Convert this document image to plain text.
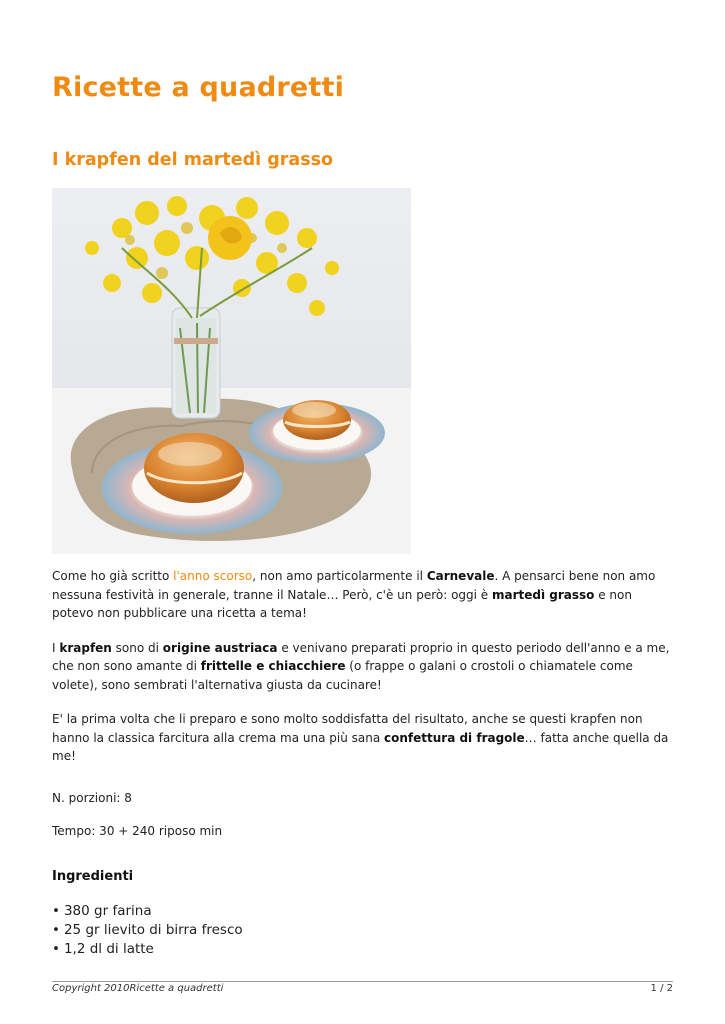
Ricette a quadretti
I krapfen del martedì grasso

Come ho già scritto l'anno scorso, non amo particolarmente il Carnevale. A pensarci bene non amo nessuna festività in generale, tranne il Natale… Però, c'è un però: oggi è martedì grasso e non potevo non pubblicare una ricetta a tema!

I krapfen sono di origine austriaca e venivano preparati proprio in questo periodo dell'anno e a me, che non sono amante di frittelle e chiacchiere (o frappe o galani o crostoli o chiamatele come volete), sono sembrati l'alternativa giusta da cucinare!

E' la prima volta che li preparo e sono molto soddisfatta del risultato, anche se questi krapfen non hanno la classica farcitura alla crema ma una più sana confettura di fragole… fatta anche quella da me!

N. porzioni: 8
Tempo: 30 + 240 riposo min
Ingredienti
• 380 gr farina
• 25 gr lievito di birra fresco
• 1,2 dl di latte
Copyright 2010Ricette a quadretti	1 / 2
